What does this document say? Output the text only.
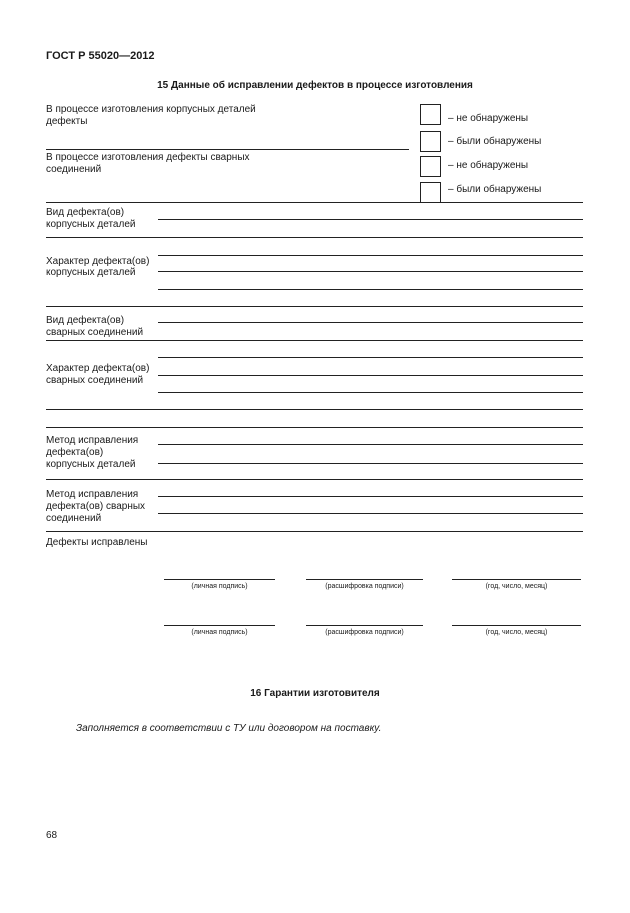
ГОСТ Р 55020—2012
15 Данные об исправлении дефектов в процессе изготовления
В процессе изготовления корпусных деталей
дефекты
В процессе изготовления дефекты сварных
соединений
– не обнаружены
– были обнаружены
– не обнаружены
– были обнаружены
Вид дефекта(ов)
корпусных деталей
Характер дефекта(ов)
корпусных деталей
Вид дефекта(ов)
сварных соединений
Характер дефекта(ов)
сварных соединений
Метод исправления
дефекта(ов)
корпусных деталей
Метод исправления
дефекта(ов) сварных
соединений
Дефекты исправлены
(личная подпись)	(расшифровка подписи)	(год, число, месяц)
(личная подпись)	(расшифровка подписи)	(год, число, месяц)
16 Гарантии изготовителя
Заполняется в соответствии с ТУ или договором на поставку.
68
